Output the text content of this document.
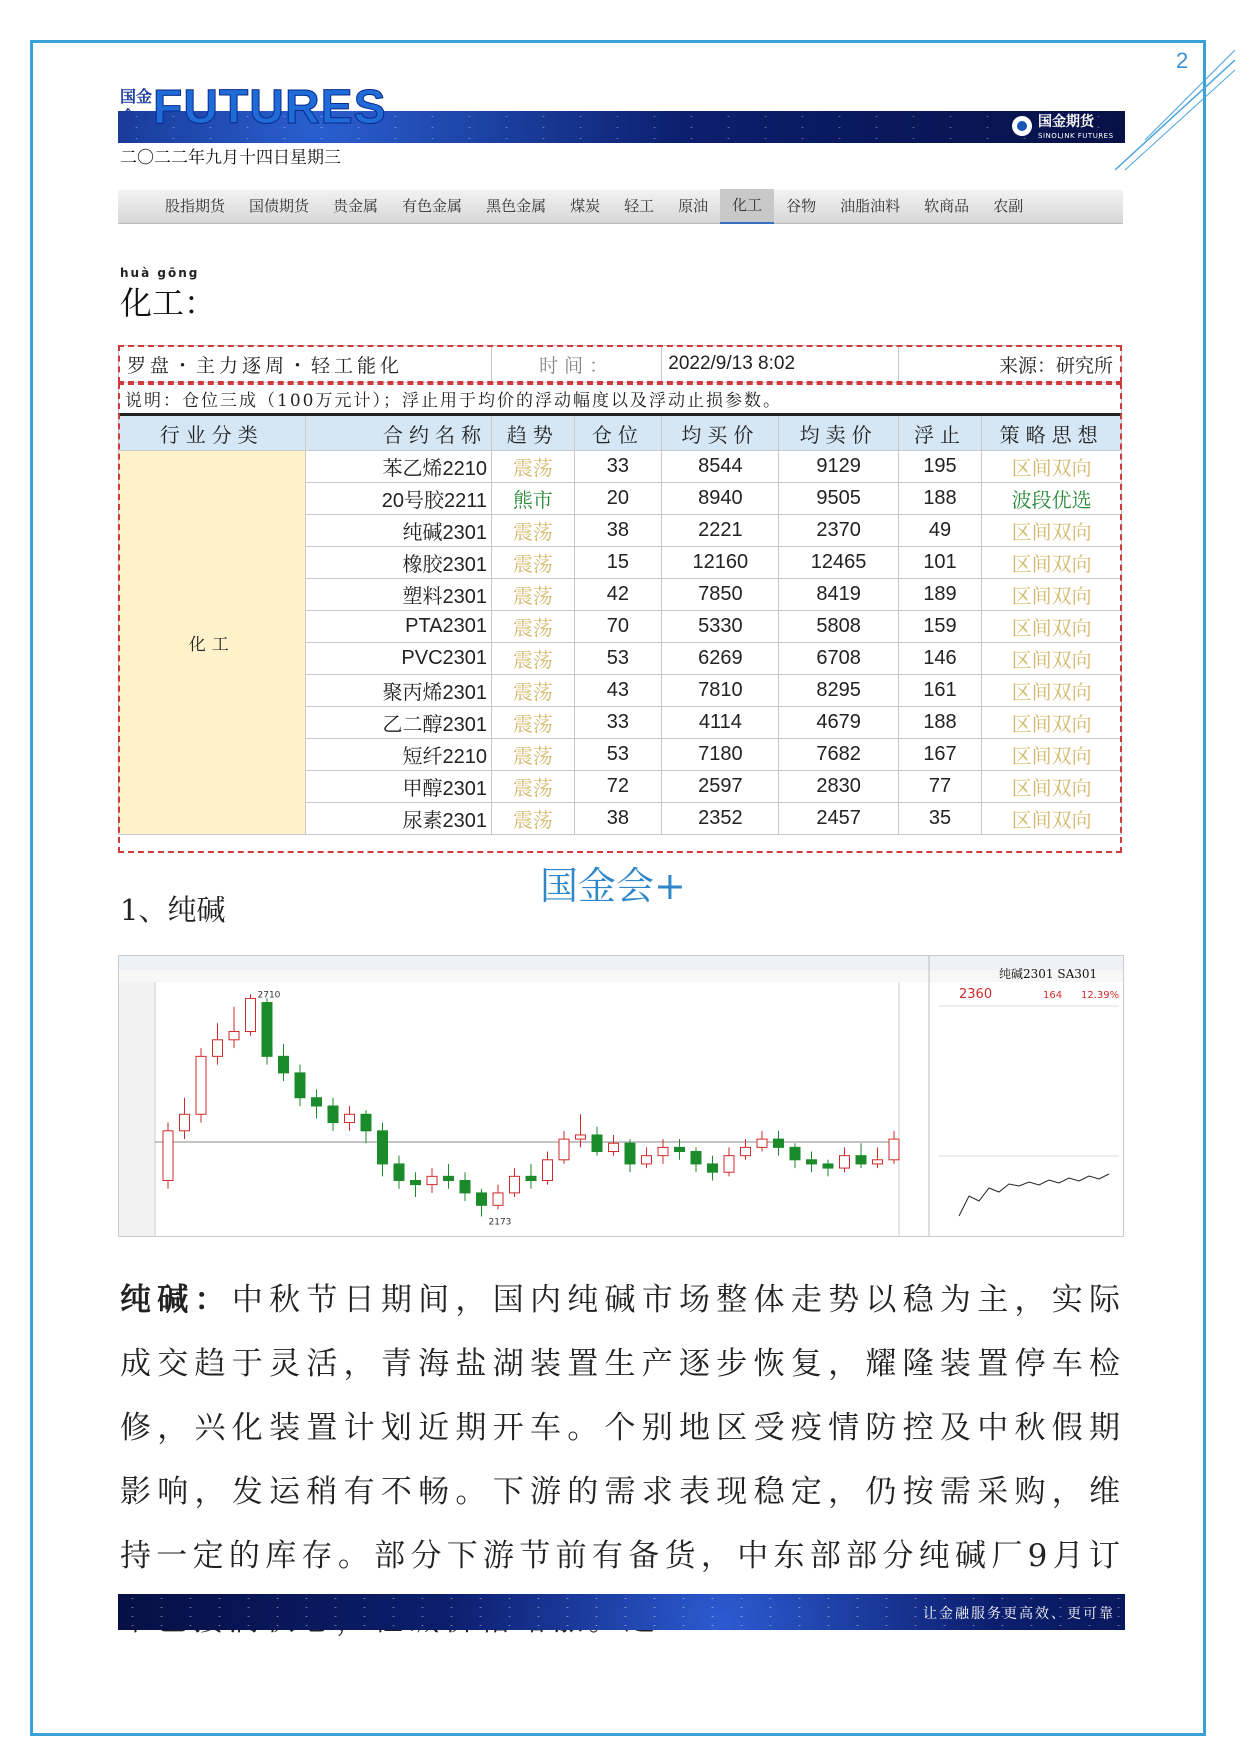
2
国金
会 + FUTURES	国金期货
SINOLINK FUTURES
二〇二二年九月十四日星期三
股指期货	国债期货	贵金属	有色金属	黑色金属	煤炭	轻工	原油	化工	谷物	油脂油料	软商品	农副
huà gōng
化工：
罗盘・主力逐周・轻工能化		时间：		2022/9/13 8:02		来源：研究所	
说明：仓位三成（100万元计）；浮止用于均价的浮动幅度以及浮动止损参数。							
行业分类	合约名称	趋势	仓位	均买价	均卖价	浮止	策略思想
化工	苯乙烯2210	震荡	33	8544	9129	195	区间双向
	20号胶2211	熊市	20	8940	9505	188	波段优选
	纯碱2301	震荡	38	2221	2370	49	区间双向
	橡胶2301	震荡	15	12160	12465	101	区间双向
	塑料2301	震荡	42	7850	8419	189	区间双向
	PTA2301	震荡	70	5330	5808	159	区间双向
	PVC2301	震荡	53	6269	6708	146	区间双向
	聚丙烯2301	震荡	43	7810	8295	161	区间双向
	乙二醇2301	震荡	33	4114	4679	188	区间双向
	短纤2210	震荡	53	7180	7682	167	区间双向
	甲醇2301	震荡	72	2597	2830	77	区间双向
	尿素2301	震荡	38	2352	2457	35	区间双向
国金会+
1、纯碱
纯碱2301 SA301
2360	164 12.39%
2710
2173
纯碱：中秋节日期间，国内纯碱市场整体走势以稳为主，实际成交趋于灵活，青海盐湖装置生产逐步恢复，耀隆装置停车检修，兴化装置计划近期开车。个别地区受疫情防控及中秋假期影响，发运稍有不畅。下游的需求表现稳定，仍按需采购，维持一定的库存。部分下游节前有备货，中东部部分纯碱厂9月订
让金融服务更高效、更可靠
